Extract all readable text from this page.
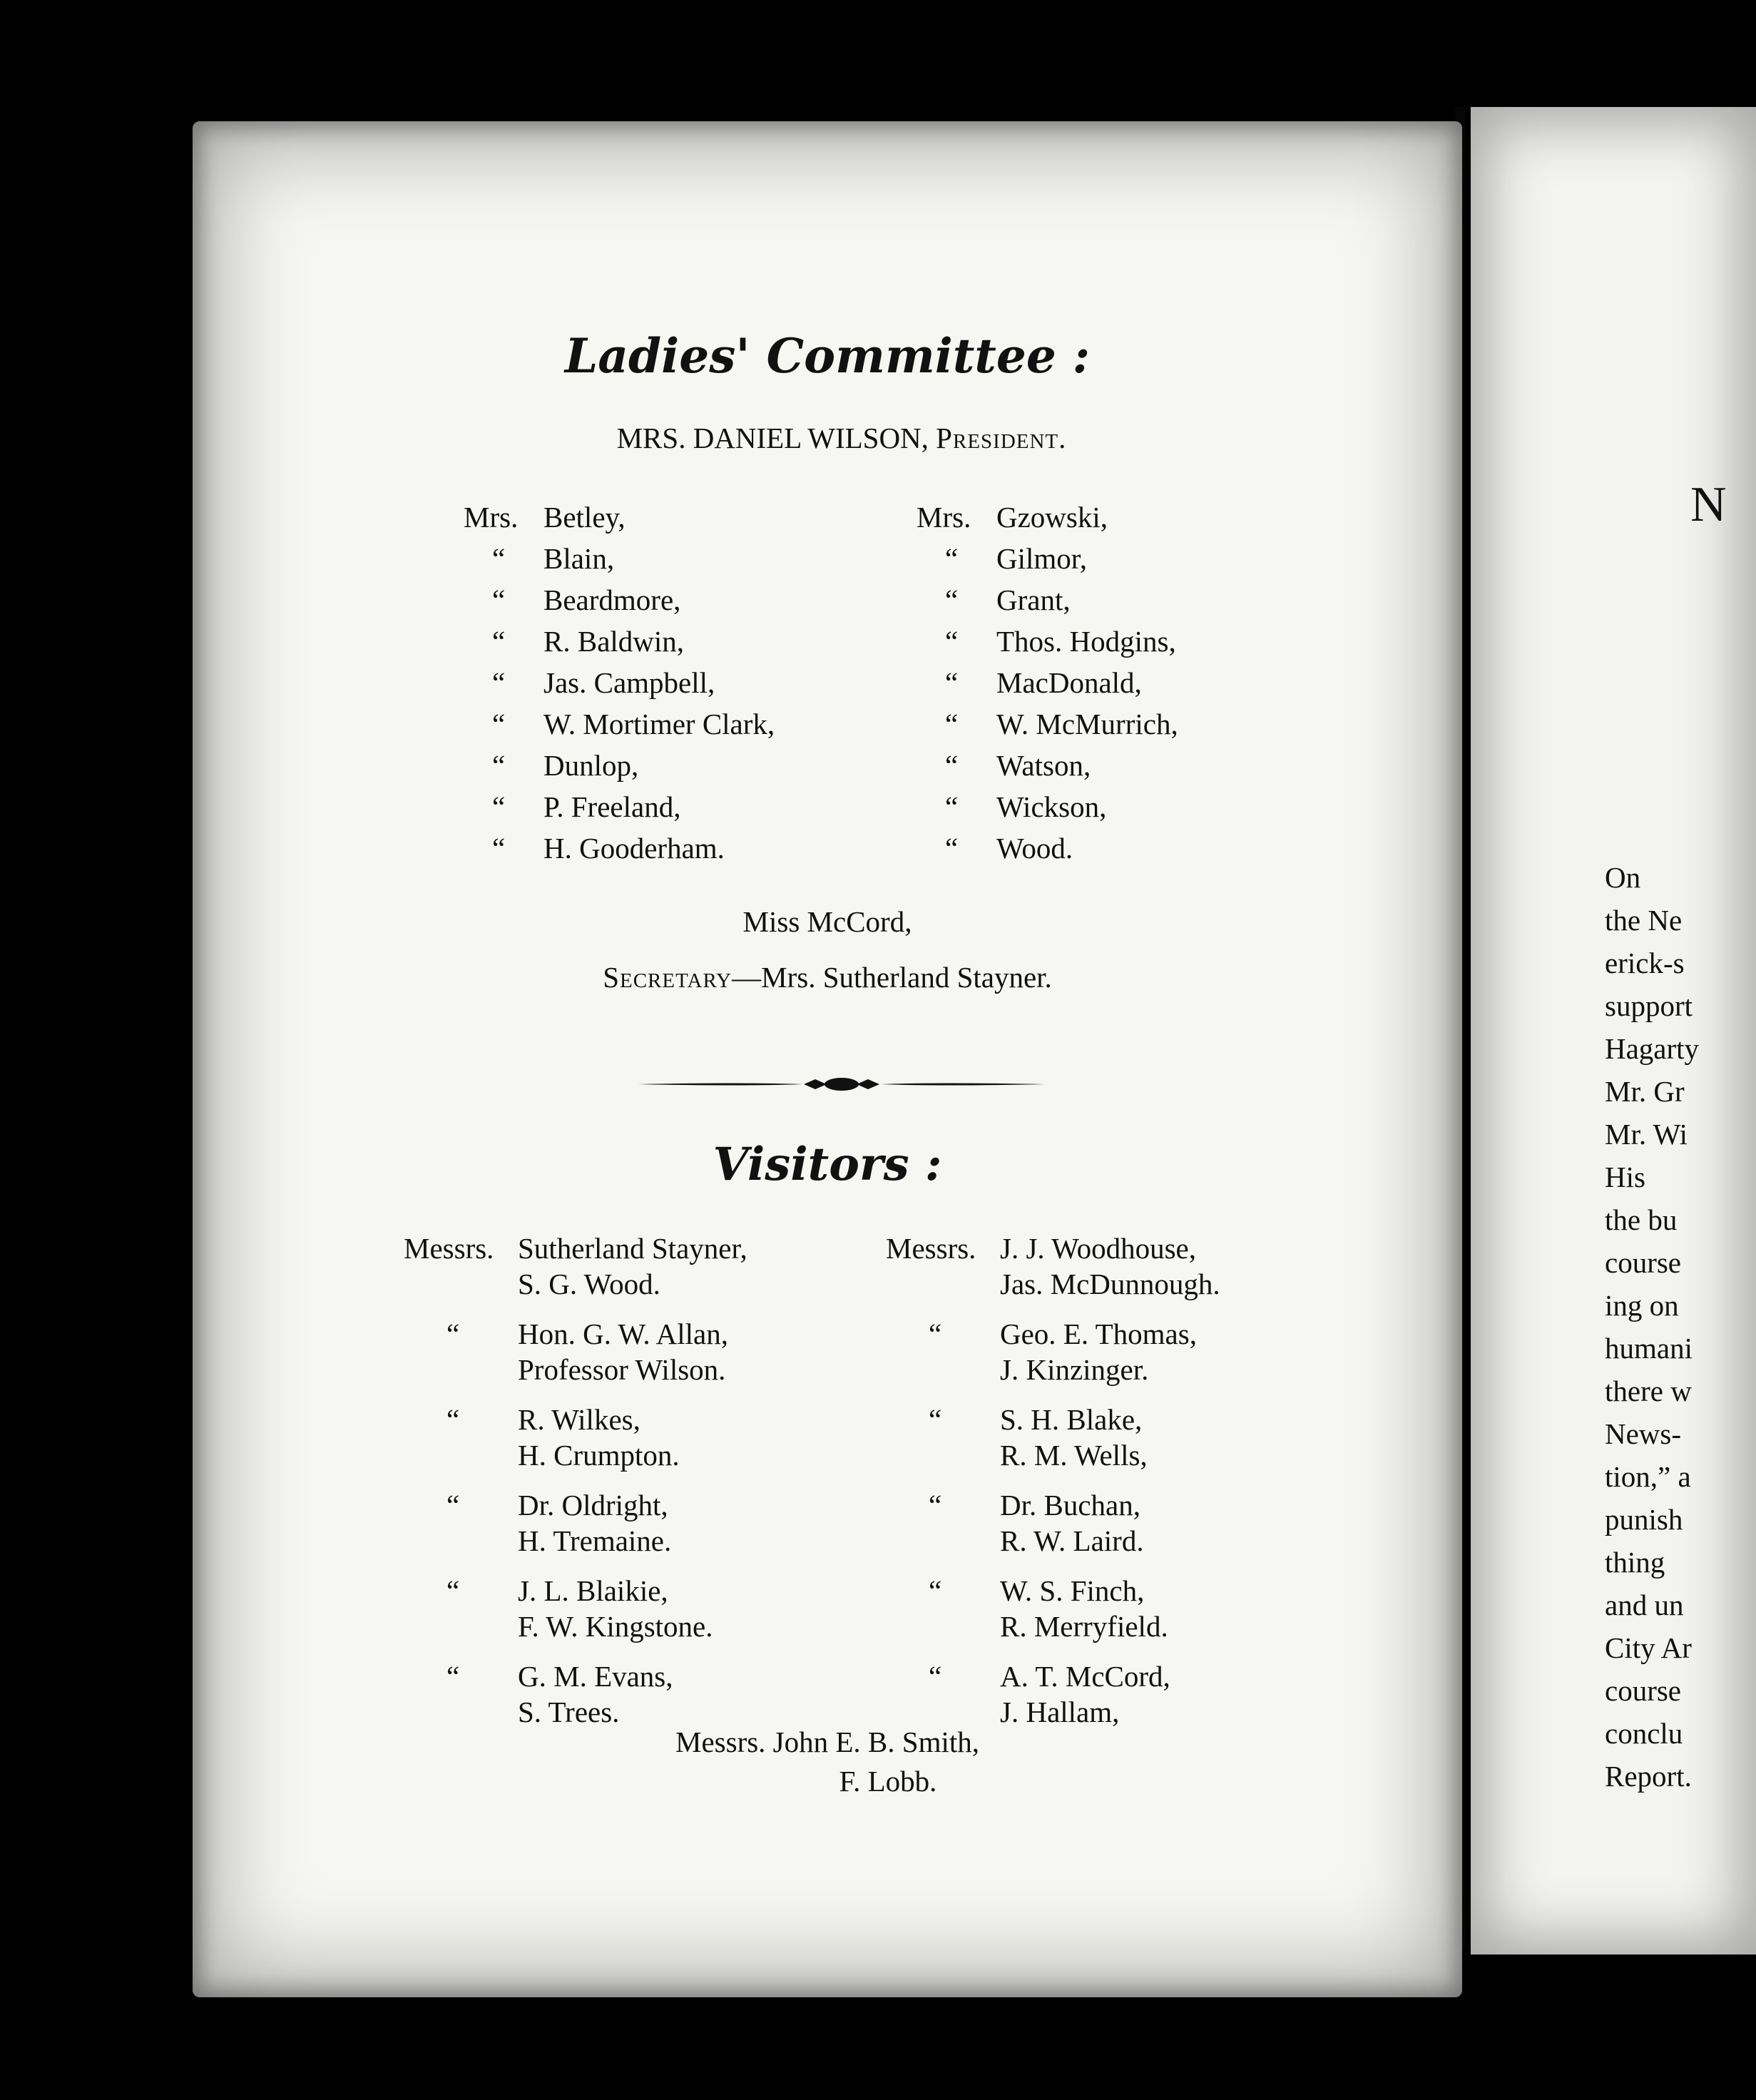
N
On
the Ne
erick-s
support
Hagarty
Mr. Gr
Mr. Wi
His
the bu
course
ing on
humani
there w
News-
tion,” a
punish
thing
and un
City Ar
course
conclu
Report.
Ladies' Committee :
MRS. DANIEL WILSON, President.
Mrs. Betley,
“ Blain,
“ Beardmore,
“ R. Baldwin,
“ Jas. Campbell,
“ W. Mortimer Clark,
“ Dunlop,
“ P. Freeland,
“ H. Gooderham.
Mrs. Gzowski,
“ Gilmor,
“ Grant,
“ Thos. Hodgins,
“ MacDonald,
“ W. McMurrich,
“ Watson,
“ Wickson,
“ Wood.
Miss McCord,
Secretary—Mrs. Sutherland Stayner.
Visitors :
Messrs. Sutherland Stayner,
S. G. Wood.
“ Hon. G. W. Allan,
Professor Wilson.
“ R. Wilkes,
H. Crumpton.
“ Dr. Oldright,
H. Tremaine.
“ J. L. Blaikie,
F. W. Kingstone.
“ G. M. Evans,
S. Trees.
Messrs. J. J. Woodhouse,
Jas. McDunnough.
“ Geo. E. Thomas,
J. Kinzinger.
“ S. H. Blake,
R. M. Wells,
“ Dr. Buchan,
R. W. Laird.
“ W. S. Finch,
R. Merryfield.
“ A. T. McCord,
J. Hallam,
Messrs. John E. B. Smith,
F. Lobb.
